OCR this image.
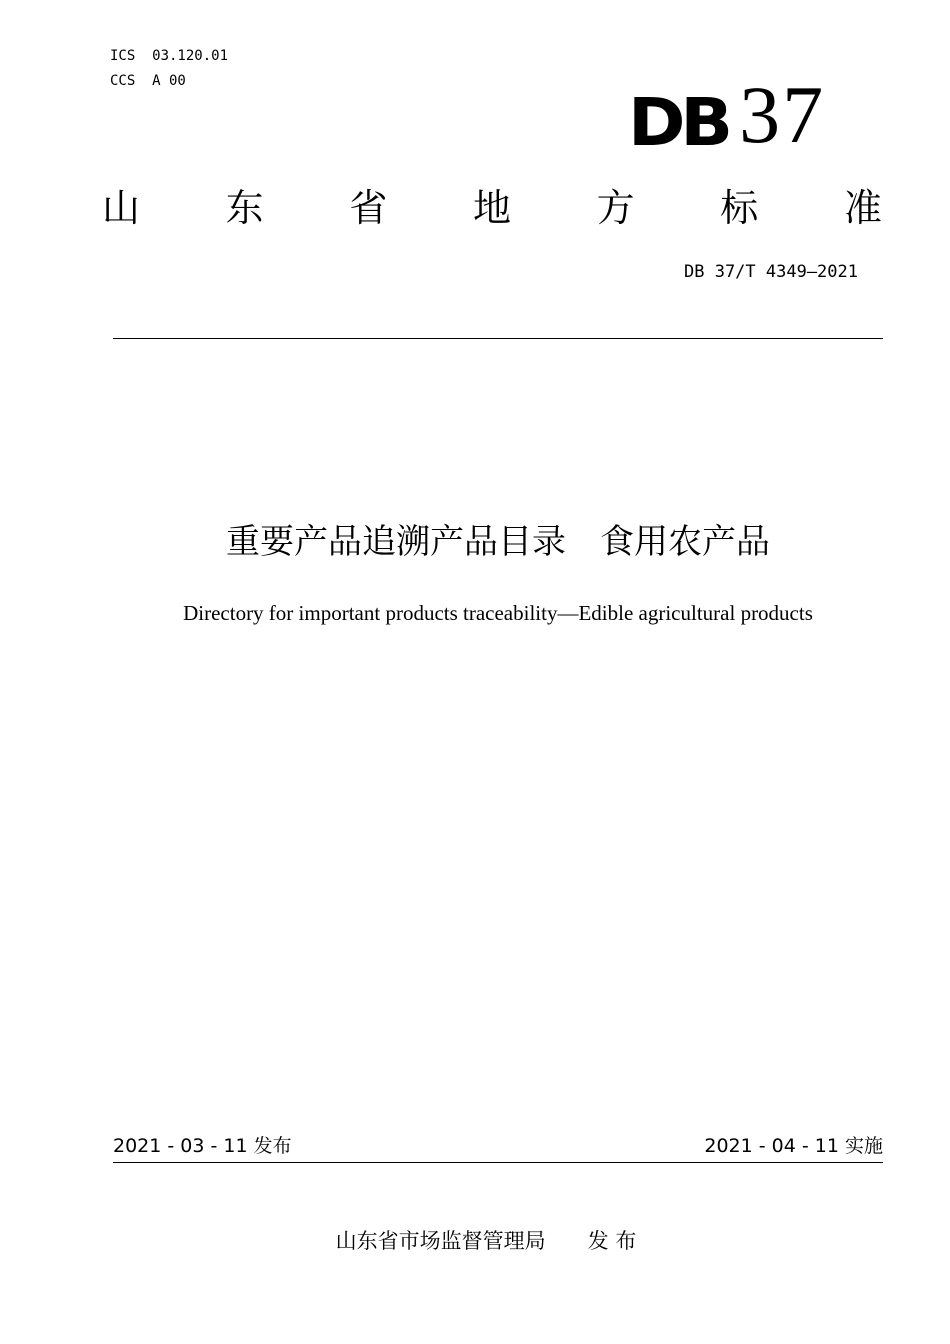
ICS  03.120.01
CCS  A 00
DB 37
山 东 省 地 方 标 准
DB 37/T 4349—2021
重要产品追溯产品目录　食用农产品
Directory for important products traceability—Edible agricultural products
2021 - 03 - 11 发布	2021 - 04 - 11 实施
山东省市场监督管理局　　发 布
